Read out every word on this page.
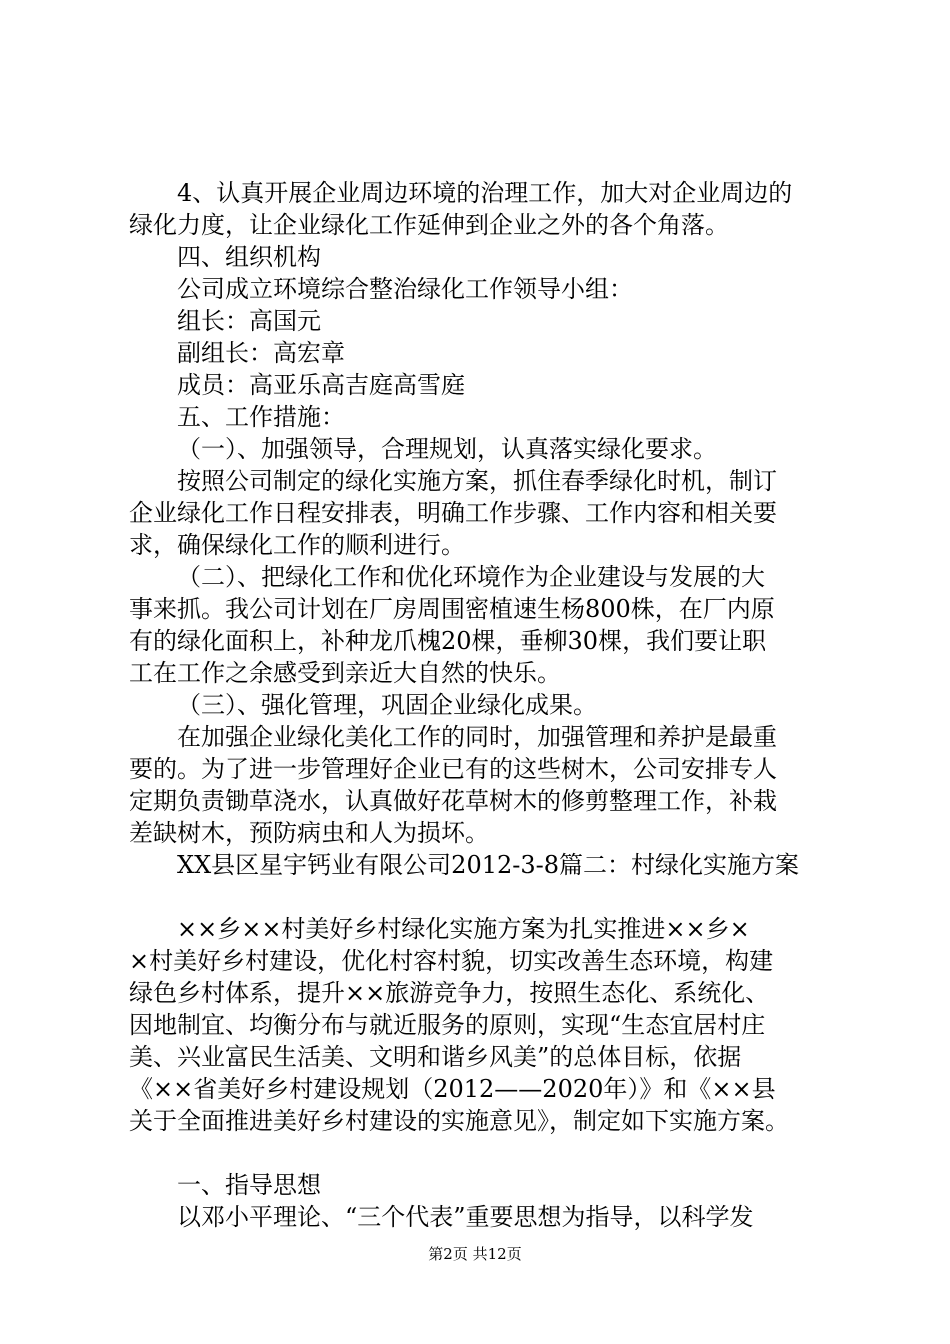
4、认真开展企业周边环境的治理工作，加大对企业周边的
绿化力度，让企业绿化工作延伸到企业之外的各个角落。
四、组织机构
公司成立环境综合整治绿化工作领导小组：
组长：高国元
副组长：高宏章
成员：高亚乐高吉庭高雪庭
五、工作措施：
（一）、加强领导，合理规划，认真落实绿化要求。
按照公司制定的绿化实施方案，抓住春季绿化时机，制订
企业绿化工作日程安排表，明确工作步骤、工作内容和相关要
求，确保绿化工作的顺利进行。
（二）、把绿化工作和优化环境作为企业建设与发展的大
事来抓。我公司计划在厂房周围密植速生杨800株，在厂内原
有的绿化面积上，补种龙爪槐20棵，垂柳30棵，我们要让职
工在工作之余感受到亲近大自然的快乐。
（三）、强化管理，巩固企业绿化成果。
在加强企业绿化美化工作的同时，加强管理和养护是最重
要的。为了进一步管理好企业已有的这些树木，公司安排专人
定期负责锄草浇水，认真做好花草树木的修剪整理工作，补栽
差缺树木，预防病虫和人为损坏。
XX县区星宇钙业有限公司2012-3-8篇二：村绿化实施方案
××乡××村美好乡村绿化实施方案为扎实推进××乡×
×村美好乡村建设，优化村容村貌，切实改善生态环境，构建
绿色乡村体系，提升××旅游竞争力，按照生态化、系统化、
因地制宜、均衡分布与就近服务的原则，实现“生态宜居村庄
美、兴业富民生活美、文明和谐乡风美”的总体目标，依据
《××省美好乡村建设规划（2012——2020年）》和《××县
关于全面推进美好乡村建设的实施意见》，制定如下实施方案。
一、指导思想
以邓小平理论、“三个代表”重要思想为指导，以科学发
第2页 共12页
